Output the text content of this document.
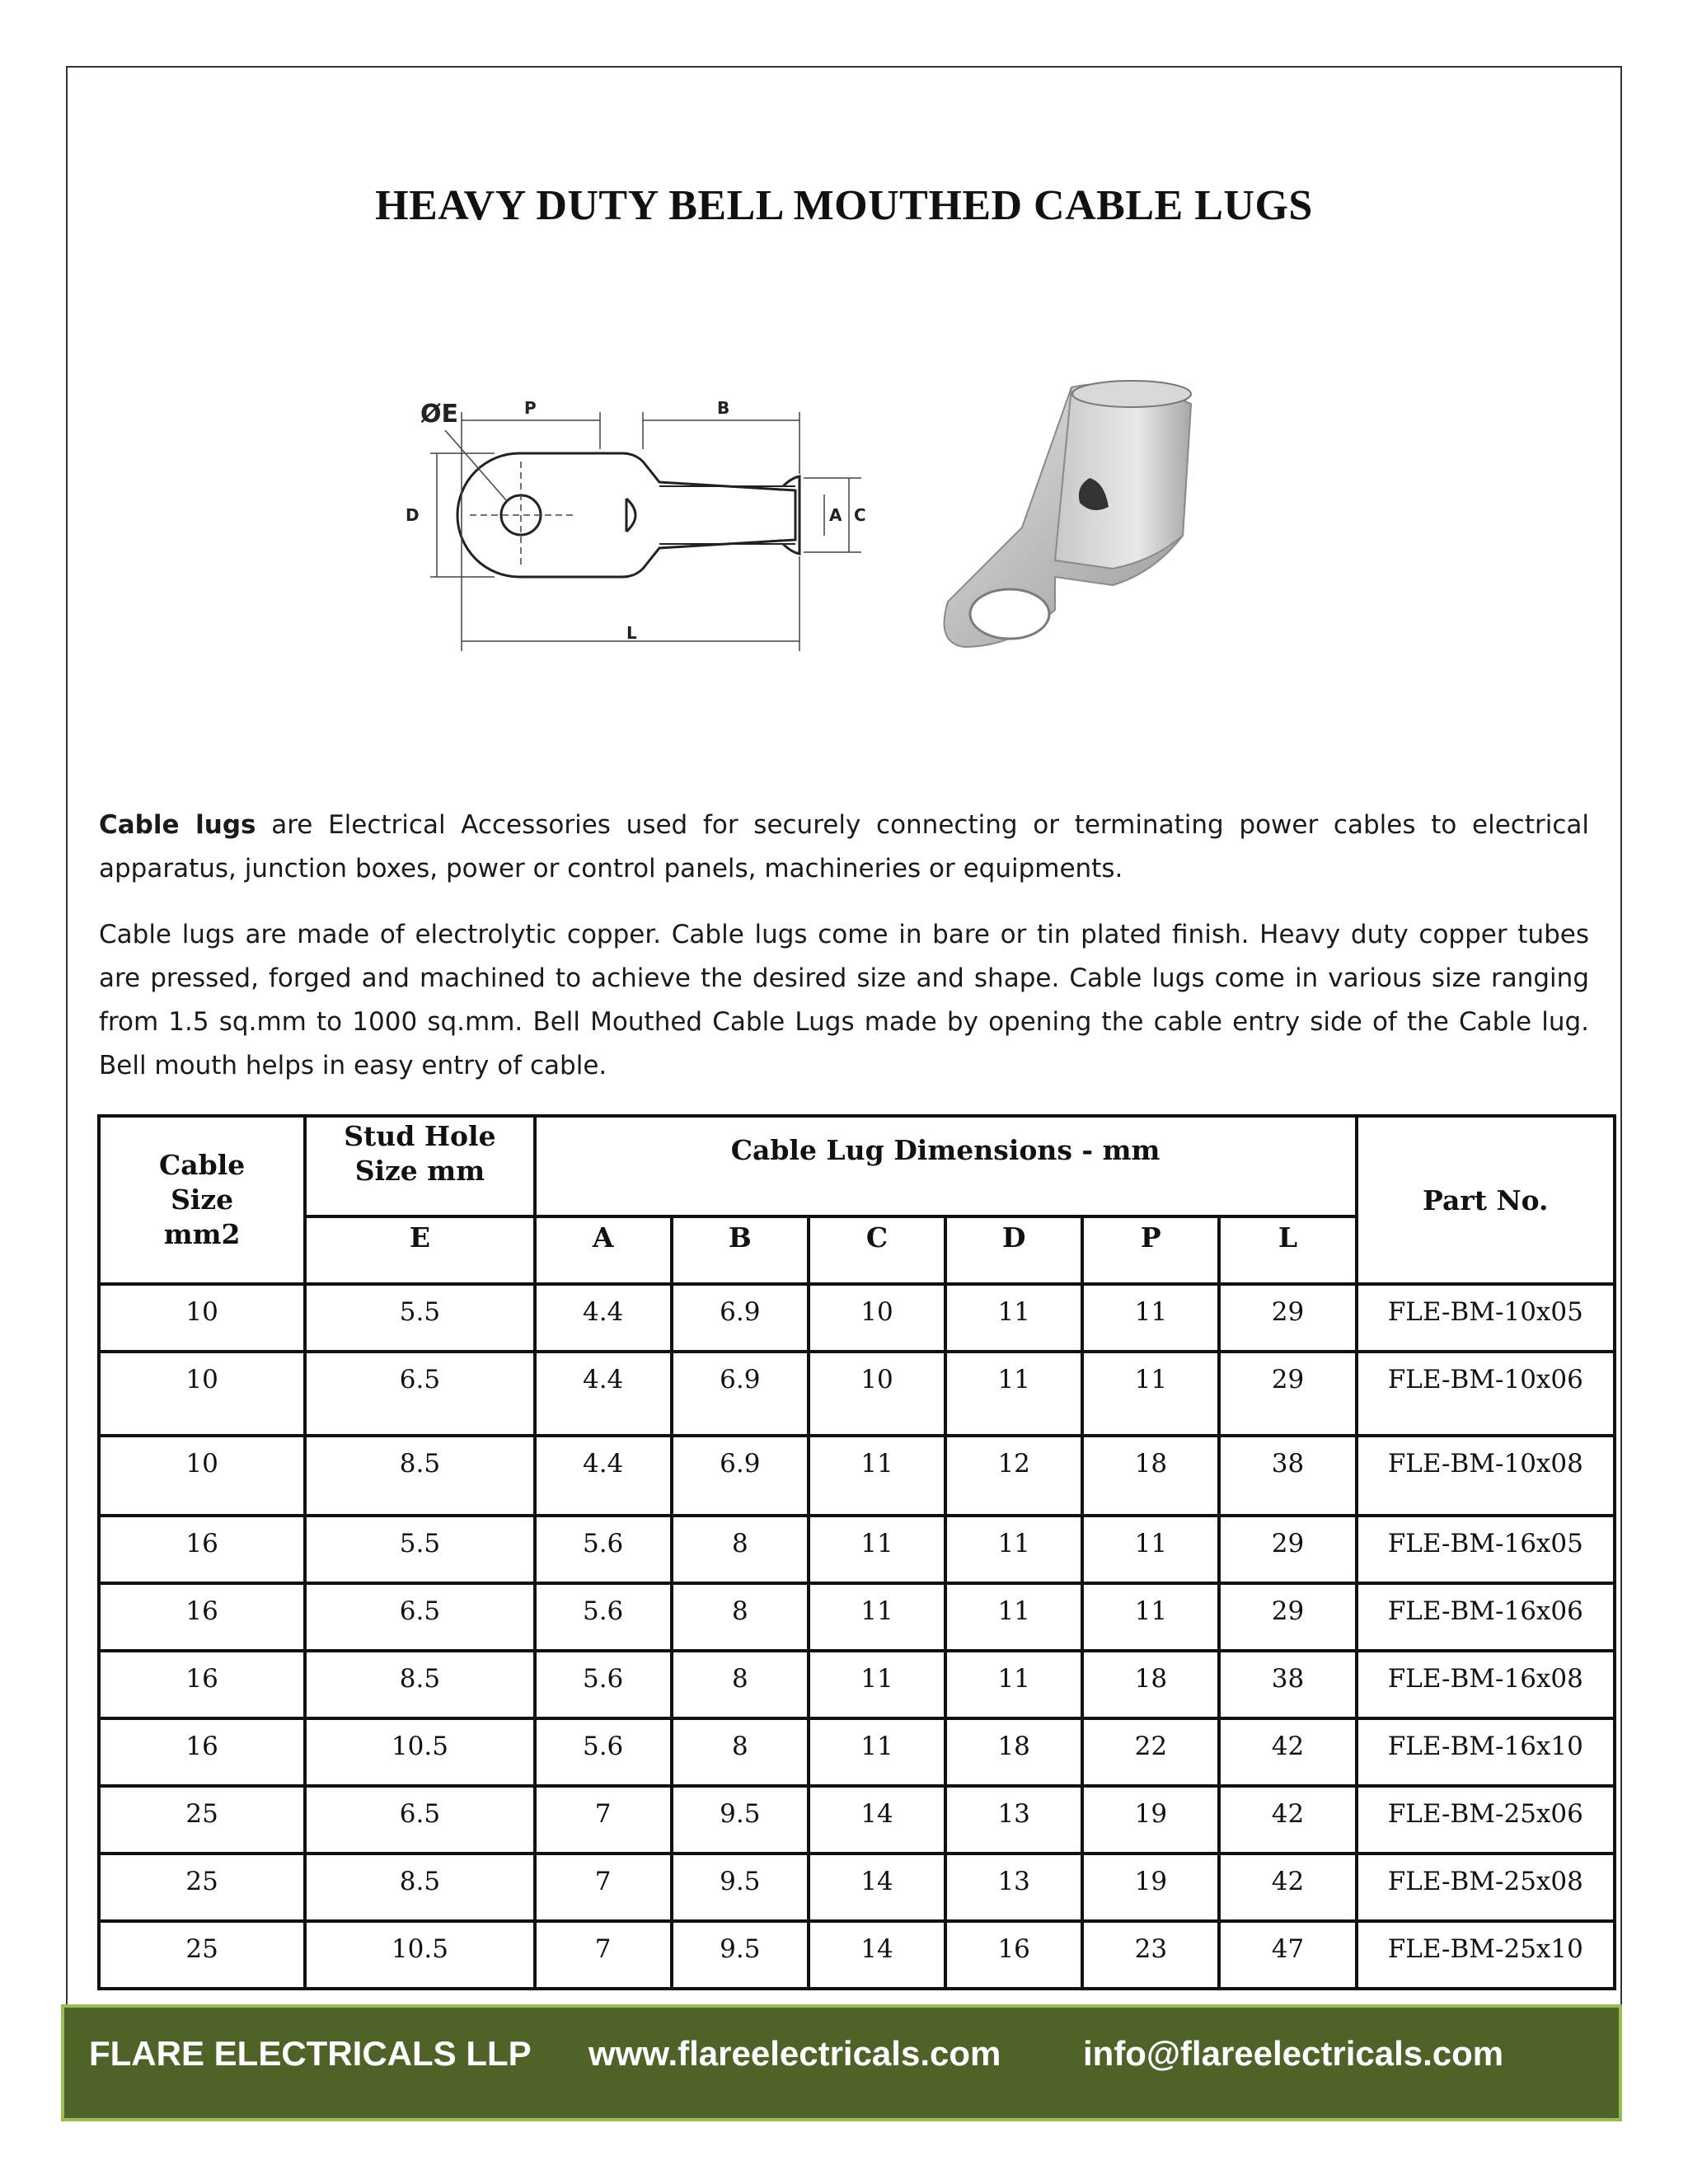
HEAVY DUTY BELL MOUTHED CABLE LUGS
ØE	P	B
D	A C
L
Cable lugs are Electrical Accessories used for securely connecting or terminating power cables to electrical apparatus, junction boxes, power or control panels, machineries or equipments.
Cable lugs are made of electrolytic copper. Cable lugs come in bare or tin plated finish. Heavy duty copper tubes are pressed, forged and machined to achieve the desired size and shape. Cable lugs come in various size ranging from 1.5 sq.mm to 1000 sq.mm. Bell Mouthed Cable Lugs made by opening the cable entry side of the Cable lug. Bell mouth helps in easy entry of cable.
Cable Size mm2	Stud Hole Size mm	Cable Lug Dimensions - mm						Part No.
	E	A	B	C	D	P	L	
10	5.5	4.4	6.9	10	11	11	29	FLE-BM-10x05
10	6.5	4.4	6.9	10	11	11	29	FLE-BM-10x06
10	8.5	4.4	6.9	11	12	18	38	FLE-BM-10x08
16	5.5	5.6	8	11	11	11	29	FLE-BM-16x05
16	6.5	5.6	8	11	11	11	29	FLE-BM-16x06
16	8.5	5.6	8	11	11	18	38	FLE-BM-16x08
16	10.5	5.6	8	11	18	22	42	FLE-BM-16x10
25	6.5	7	9.5	14	13	19	42	FLE-BM-25x06
25	8.5	7	9.5	14	13	19	42	FLE-BM-25x08
25	10.5	7	9.5	14	16	23	47	FLE-BM-25x10
FLARE ELECTRICALS LLP www.flareelectricals.com info@flareelectricals.com
